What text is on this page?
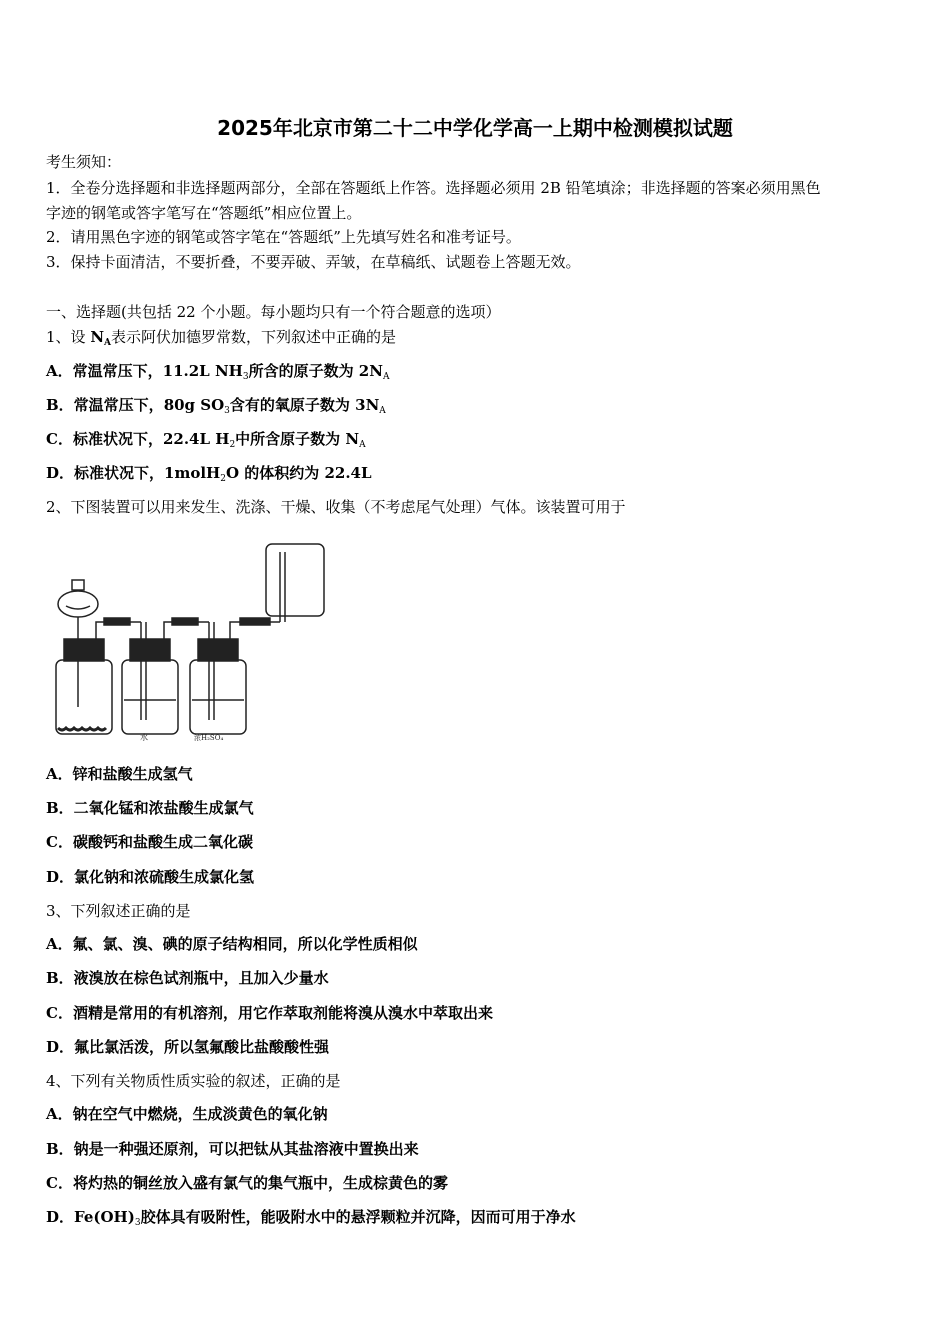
2025年北京市第二十二中学化学高一上期中检测模拟试题
考生须知：
1．全卷分选择题和非选择题两部分，全部在答题纸上作答。选择题必须用 2B 铅笔填涂；非选择题的答案必须用黑色
字迹的钢笔或答字笔写在“答题纸”相应位置上。
2．请用黑色字迹的钢笔或答字笔在“答题纸”上先填写姓名和准考证号。
3．保持卡面清洁，不要折叠，不要弄破、弄皱，在草稿纸、试题卷上答题无效。
一、选择题(共包括 22 个小题。每小题均只有一个符合题意的选项）
1、设 $N_A$表示阿伏加德罗常数，下列叙述中正确的是
A．常温常压下，11.2L $NH_3$所含的原子数为 $2N_A$
B．常温常压下，80g $SO_3$含有的氧原子数为 $3N_A$
C．标准状况下，22.4L $H_2$中所含原子数为 $N_A$
D．标准状况下，1molH$_2$O 的体积约为 22.4L
2、下图装置可以用来发生、洗涤、干燥、收集（不考虑尾气处理）气体。该装置可用于
A．锌和盐酸生成氢气
B．二氧化锰和浓盐酸生成氯气
C．碳酸钙和盐酸生成二氧化碳
D．氯化钠和浓硫酸生成氯化氢
3、下列叙述正确的是
A．氟、氯、溴、碘的原子结构相同，所以化学性质相似
B．液溴放在棕色试剂瓶中，且加入少量水
C．酒精是常用的有机溶剂，用它作萃取剂能将溴从溴水中萃取出来
D．氟比氯活泼，所以氢氟酸比盐酸酸性强
4、下列有关物质性质实验的叙述，正确的是
A．钠在空气中燃烧，生成淡黄色的氧化钠
B．钠是一种强还原剂，可以把钛从其盐溶液中置换出来
C．将灼热的铜丝放入盛有氯气的集气瓶中，生成棕黄色的雾
D．$Fe(OH)_3$胶体具有吸附性，能吸附水中的悬浮颗粒并沉降，因而可用于净水
水	浓H₂SO₄
